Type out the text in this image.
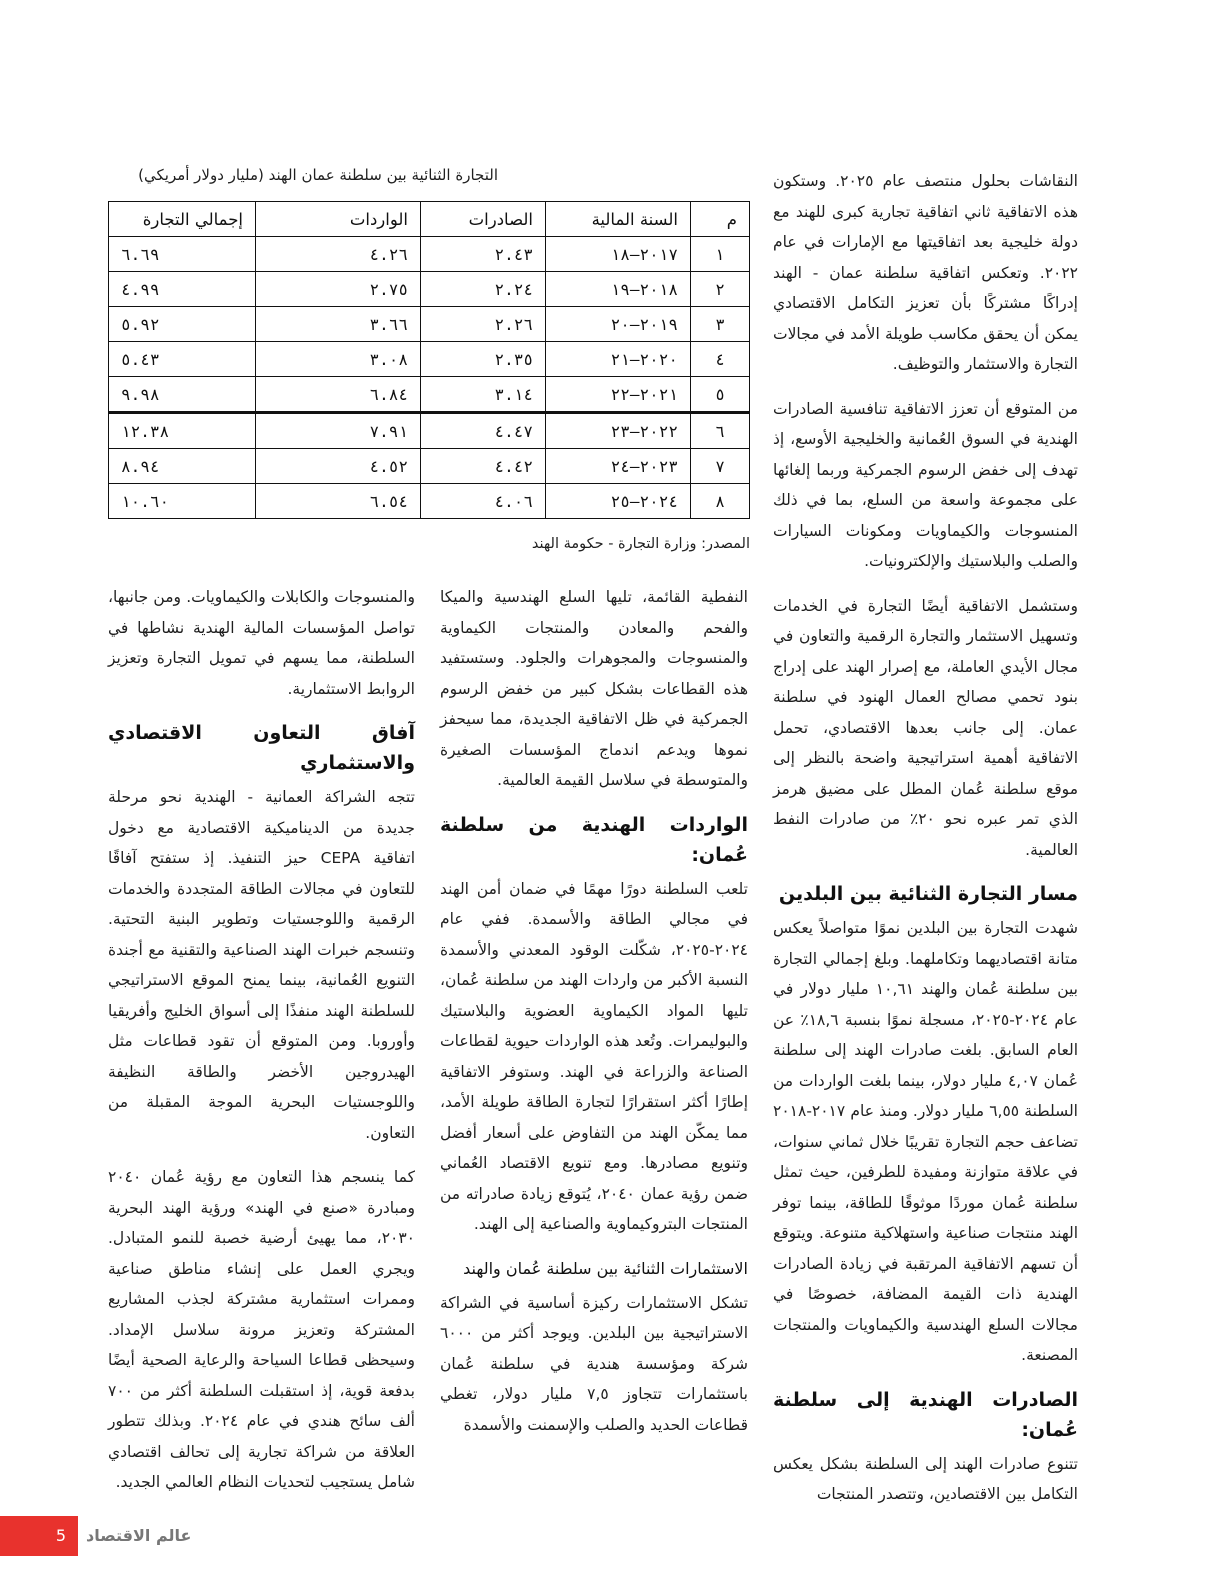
التجارة الثنائية بين سلطنة عمان الهند (مليار دولار أمريكي)
م	السنة المالية	الصادرات	الواردات	إجمالي التجارة
١	٢٠١٧–١٨	٢.٤٣	٤.٢٦	٦.٦٩
٢	٢٠١٨–١٩	٢.٢٤	٢.٧٥	٤.٩٩
٣	٢٠١٩–٢٠	٢.٢٦	٣.٦٦	٥.٩٢
٤	٢٠٢٠–٢١	٢.٣٥	٣.٠٨	٥.٤٣
٥	٢٠٢١–٢٢	٣.١٤	٦.٨٤	٩.٩٨
٦	٢٠٢٢–٢٣	٤.٤٧	٧.٩١	١٢.٣٨
٧	٢٠٢٣–٢٤	٤.٤٢	٤.٥٢	٨.٩٤
٨	٢٠٢٤–٢٥	٤.٠٦	٦.٥٤	١٠.٦٠
المصدر: وزارة التجارة - حكومة الهند

النقاشات بحلول منتصف عام ٢٠٢٥. وستكون هذه الاتفاقية ثاني اتفاقية تجارية كبرى للهند مع دولة خليجية بعد اتفاقيتها مع الإمارات في عام ٢٠٢٢. وتعكس اتفاقية سلطنة عمان - الهند إدراكًا مشتركًا بأن تعزيز التكامل الاقتصادي يمكن أن يحقق مكاسب طويلة الأمد في مجالات التجارة والاستثمار والتوظيف.

من المتوقع أن تعزز الاتفاقية تنافسية الصادرات الهندية في السوق العُمانية والخليجية الأوسع، إذ تهدف إلى خفض الرسوم الجمركية وربما إلغائها على مجموعة واسعة من السلع، بما في ذلك المنسوجات والكيماويات ومكونات السيارات والصلب والبلاستيك والإلكترونيات.

وستشمل الاتفاقية أيضًا التجارة في الخدمات وتسهيل الاستثمار والتجارة الرقمية والتعاون في مجال الأيدي العاملة، مع إصرار الهند على إدراج بنود تحمي مصالح العمال الهنود في سلطنة عمان. إلى جانب بعدها الاقتصادي، تحمل الاتفاقية أهمية استراتيجية واضحة بالنظر إلى موقع سلطنة عُمان المطل على مضيق هرمز الذي تمر عبره نحو ٢٠٪ من صادرات النفط العالمية.

مسار التجارة الثنائية بين البلدين

شهدت التجارة بين البلدين نموًا متواصلاً يعكس متانة اقتصاديهما وتكاملهما. وبلغ إجمالي التجارة بين سلطنة عُمان والهند ١٠,٦١ مليار دولار في عام ٢٠٢٤-٢٠٢٥، مسجلة نموًا بنسبة ١٨,٦٪ عن العام السابق. بلغت صادرات الهند إلى سلطنة عُمان ٤,٠٧ مليار دولار، بينما بلغت الواردات من السلطنة ٦,٥٥ مليار دولار. ومنذ عام ٢٠١٧-٢٠١٨ تضاعف حجم التجارة تقريبًا خلال ثماني سنوات، في علاقة متوازنة ومفيدة للطرفين، حيث تمثل سلطنة عُمان موردًا موثوقًا للطاقة، بينما توفر الهند منتجات صناعية واستهلاكية متنوعة. ويتوقع أن تسهم الاتفاقية المرتقبة في زيادة الصادرات الهندية ذات القيمة المضافة، خصوصًا في مجالات السلع الهندسية والكيماويات والمنتجات المصنعة.

الصادرات الهندية إلى سلطنة عُمان:

تتنوع صادرات الهند إلى السلطنة بشكل يعكس التكامل بين الاقتصادين، وتتصدر المنتجات

النفطية القائمة، تليها السلع الهندسية والميكا والفحم والمعادن والمنتجات الكيماوية والمنسوجات والمجوهرات والجلود. وستستفيد هذه القطاعات بشكل كبير من خفض الرسوم الجمركية في ظل الاتفاقية الجديدة، مما سيحفز نموها ويدعم اندماج المؤسسات الصغيرة والمتوسطة في سلاسل القيمة العالمية.

الواردات الهندية من سلطنة عُمان:

تلعب السلطنة دورًا مهمًا في ضمان أمن الهند في مجالي الطاقة والأسمدة. ففي عام ٢٠٢٤-٢٠٢٥، شكّلت الوقود المعدني والأسمدة النسبة الأكبر من واردات الهند من سلطنة عُمان، تليها المواد الكيماوية العضوية والبلاستيك والبوليمرات. وتُعد هذه الواردات حيوية لقطاعات الصناعة والزراعة في الهند. وستوفر الاتفاقية إطارًا أكثر استقرارًا لتجارة الطاقة طويلة الأمد، مما يمكّن الهند من التفاوض على أسعار أفضل وتنويع مصادرها. ومع تنويع الاقتصاد العُماني ضمن رؤية عمان ٢٠٤٠، يُتوقع زيادة صادراته من المنتجات البتروكيماوية والصناعية إلى الهند.

الاستثمارات الثنائية بين سلطنة عُمان والهند

تشكل الاستثمارات ركيزة أساسية في الشراكة الاستراتيجية بين البلدين. ويوجد أكثر من ٦٠٠٠ شركة ومؤسسة هندية في سلطنة عُمان باستثمارات تتجاوز ٧,٥ مليار دولار، تغطي قطاعات الحديد والصلب والإسمنت والأسمدة

والمنسوجات والكابلات والكيماويات. ومن جانبها، تواصل المؤسسات المالية الهندية نشاطها في السلطنة، مما يسهم في تمويل التجارة وتعزيز الروابط الاستثمارية.

آفاق التعاون الاقتصادي والاستثماري

تتجه الشراكة العمانية - الهندية نحو مرحلة جديدة من الديناميكية الاقتصادية مع دخول اتفاقية CEPA حيز التنفيذ. إذ ستفتح آفاقًا للتعاون في مجالات الطاقة المتجددة والخدمات الرقمية واللوجستيات وتطوير البنية التحتية. وتنسجم خبرات الهند الصناعية والتقنية مع أجندة التنويع العُمانية، بينما يمنح الموقع الاستراتيجي للسلطنة الهند منفذًا إلى أسواق الخليج وأفريقيا وأوروبا. ومن المتوقع أن تقود قطاعات مثل الهيدروجين الأخضر والطاقة النظيفة واللوجستيات البحرية الموجة المقبلة من التعاون.

كما ينسجم هذا التعاون مع رؤية عُمان ٢٠٤٠ ومبادرة «صنع في الهند» ورؤية الهند البحرية ٢٠٣٠، مما يهيئ أرضية خصبة للنمو المتبادل. ويجري العمل على إنشاء مناطق صناعية وممرات استثمارية مشتركة لجذب المشاريع المشتركة وتعزيز مرونة سلاسل الإمداد. وسيحظى قطاعا السياحة والرعاية الصحية أيضًا بدفعة قوية، إذ استقبلت السلطنة أكثر من ٧٠٠ ألف سائح هندي في عام ٢٠٢٤. وبذلك تتطور العلاقة من شراكة تجارية إلى تحالف اقتصادي شامل يستجيب لتحديات النظام العالمي الجديد.

5	عالم الاقتصاد
